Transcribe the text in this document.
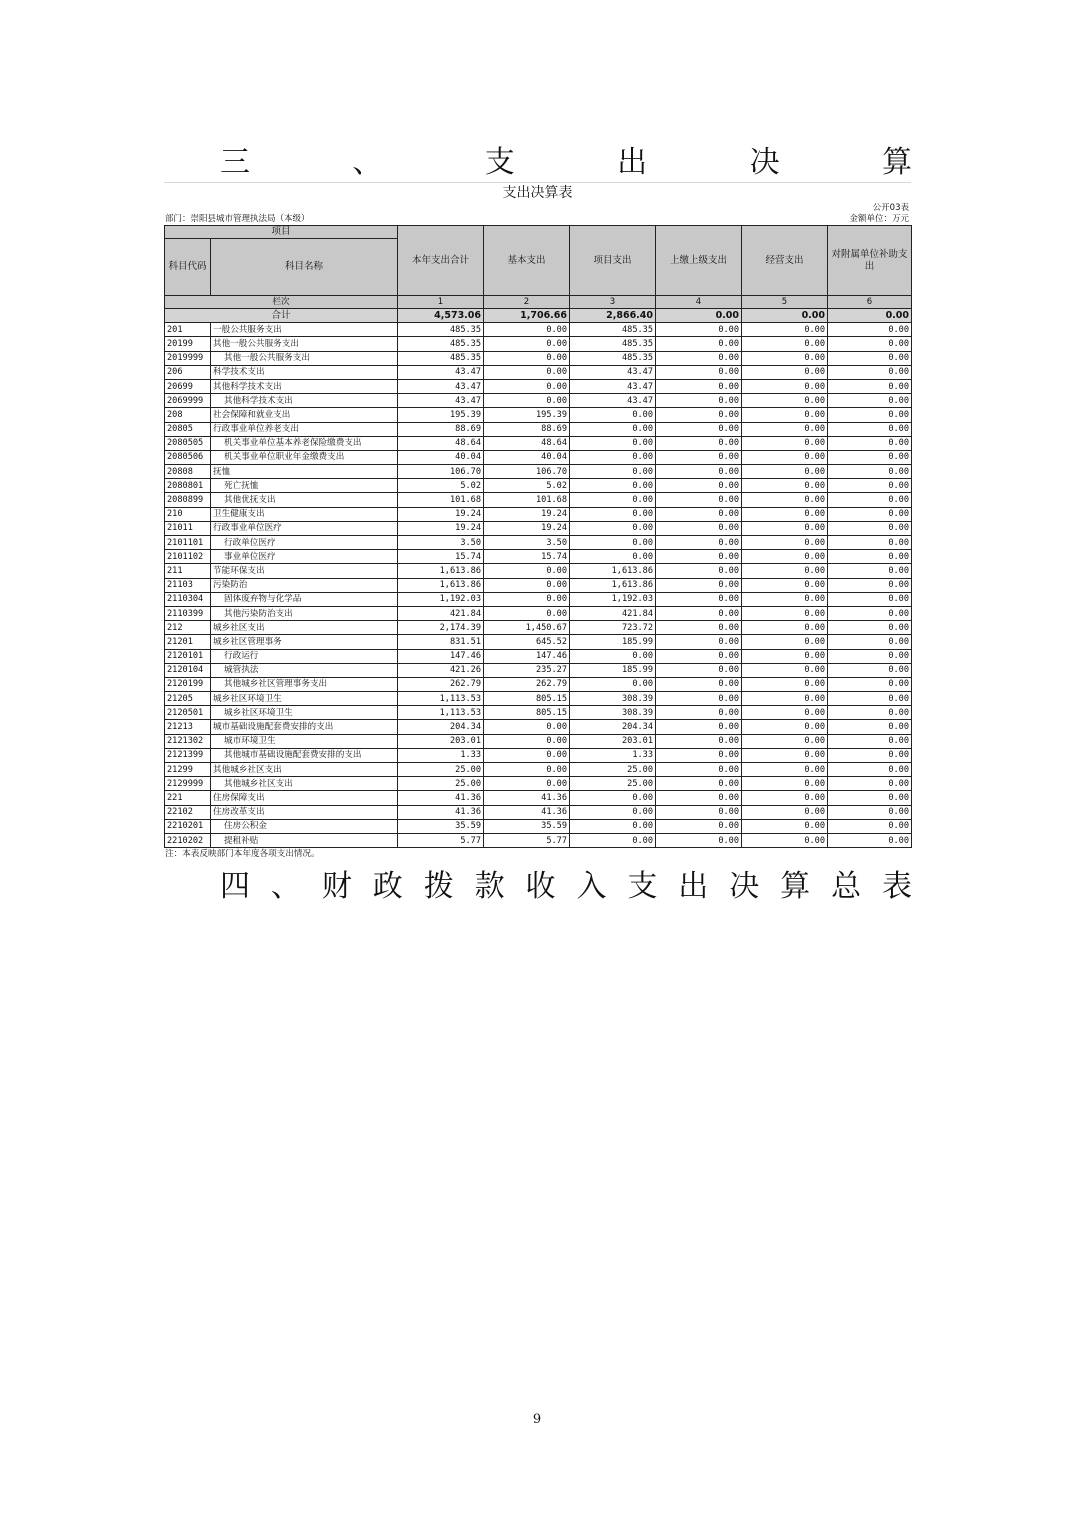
三	、	支	出	决	算
支出决算表
公开03表
部门：崇阳县城市管理执法局（本级）	金额单位：万元
项目		本年支出合计	基本支出	项目支出	上缴上级支出	经营支出	对附属单位补助支出
科目代码	科目名称						
栏次		1	2	3	4	5	6
合计		4,573.06	1,706.66	2,866.40	0.00	0.00	0.00
201	一般公共服务支出	485.35	0.00	485.35	0.00	0.00	0.00
20199	其他一般公共服务支出	485.35	0.00	485.35	0.00	0.00	0.00
2019999	其他一般公共服务支出	485.35	0.00	485.35	0.00	0.00	0.00
206	科学技术支出	43.47	0.00	43.47	0.00	0.00	0.00
20699	其他科学技术支出	43.47	0.00	43.47	0.00	0.00	0.00
2069999	其他科学技术支出	43.47	0.00	43.47	0.00	0.00	0.00
208	社会保障和就业支出	195.39	195.39	0.00	0.00	0.00	0.00
20805	行政事业单位养老支出	88.69	88.69	0.00	0.00	0.00	0.00
2080505	机关事业单位基本养老保险缴费支出	48.64	48.64	0.00	0.00	0.00	0.00
2080506	机关事业单位职业年金缴费支出	40.04	40.04	0.00	0.00	0.00	0.00
20808	抚恤	106.70	106.70	0.00	0.00	0.00	0.00
2080801	死亡抚恤	5.02	5.02	0.00	0.00	0.00	0.00
2080899	其他优抚支出	101.68	101.68	0.00	0.00	0.00	0.00
210	卫生健康支出	19.24	19.24	0.00	0.00	0.00	0.00
21011	行政事业单位医疗	19.24	19.24	0.00	0.00	0.00	0.00
2101101	行政单位医疗	3.50	3.50	0.00	0.00	0.00	0.00
2101102	事业单位医疗	15.74	15.74	0.00	0.00	0.00	0.00
211	节能环保支出	1,613.86	0.00	1,613.86	0.00	0.00	0.00
21103	污染防治	1,613.86	0.00	1,613.86	0.00	0.00	0.00
2110304	固体废弃物与化学品	1,192.03	0.00	1,192.03	0.00	0.00	0.00
2110399	其他污染防治支出	421.84	0.00	421.84	0.00	0.00	0.00
212	城乡社区支出	2,174.39	1,450.67	723.72	0.00	0.00	0.00
21201	城乡社区管理事务	831.51	645.52	185.99	0.00	0.00	0.00
2120101	行政运行	147.46	147.46	0.00	0.00	0.00	0.00
2120104	城管执法	421.26	235.27	185.99	0.00	0.00	0.00
2120199	其他城乡社区管理事务支出	262.79	262.79	0.00	0.00	0.00	0.00
21205	城乡社区环境卫生	1,113.53	805.15	308.39	0.00	0.00	0.00
2120501	城乡社区环境卫生	1,113.53	805.15	308.39	0.00	0.00	0.00
21213	城市基础设施配套费安排的支出	204.34	0.00	204.34	0.00	0.00	0.00
2121302	城市环境卫生	203.01	0.00	203.01	0.00	0.00	0.00
2121399	其他城市基础设施配套费安排的支出	1.33	0.00	1.33	0.00	0.00	0.00
21299	其他城乡社区支出	25.00	0.00	25.00	0.00	0.00	0.00
2129999	其他城乡社区支出	25.00	0.00	25.00	0.00	0.00	0.00
221	住房保障支出	41.36	41.36	0.00	0.00	0.00	0.00
22102	住房改革支出	41.36	41.36	0.00	0.00	0.00	0.00
2210201	住房公积金	35.59	35.59	0.00	0.00	0.00	0.00
2210202	提租补贴	5.77	5.77	0.00	0.00	0.00	0.00
注：本表反映部门本年度各项支出情况。
四 、 财 政 拨 款 收 入 支 出 决 算 总 表
9
